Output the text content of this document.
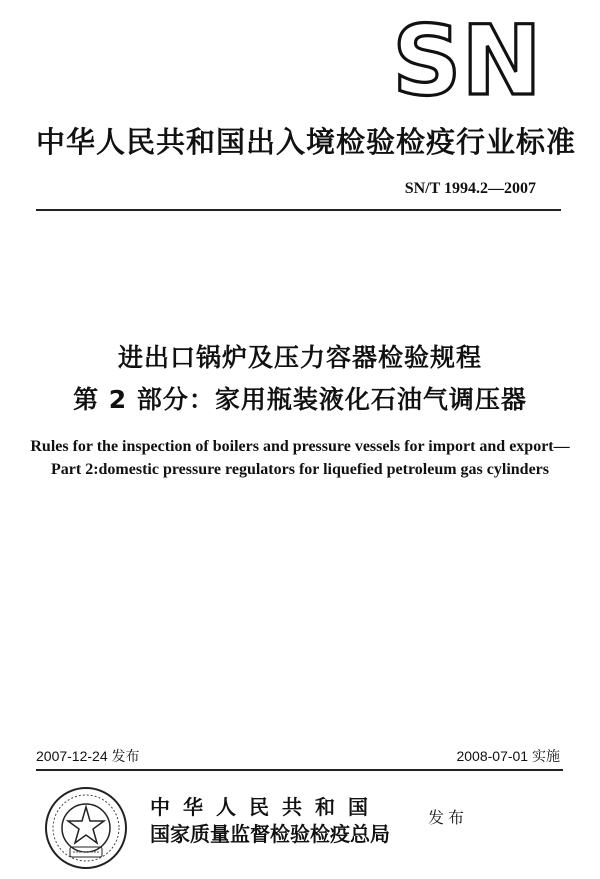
SN
中华人民共和国出入境检验检疫行业标准
SN/T 1994.2—2007
进出口锅炉及压力容器检验规程
第 2 部分：家用瓶装液化石油气调压器
Rules for the inspection of boilers and pressure vessels for import and export—
Part 2:domestic pressure regulators for liquefied petroleum gas cylinders
2007-12-24 发布	2008-07-01 实施
中华人民共和国
国家质量监督检验检疫总局
发布
